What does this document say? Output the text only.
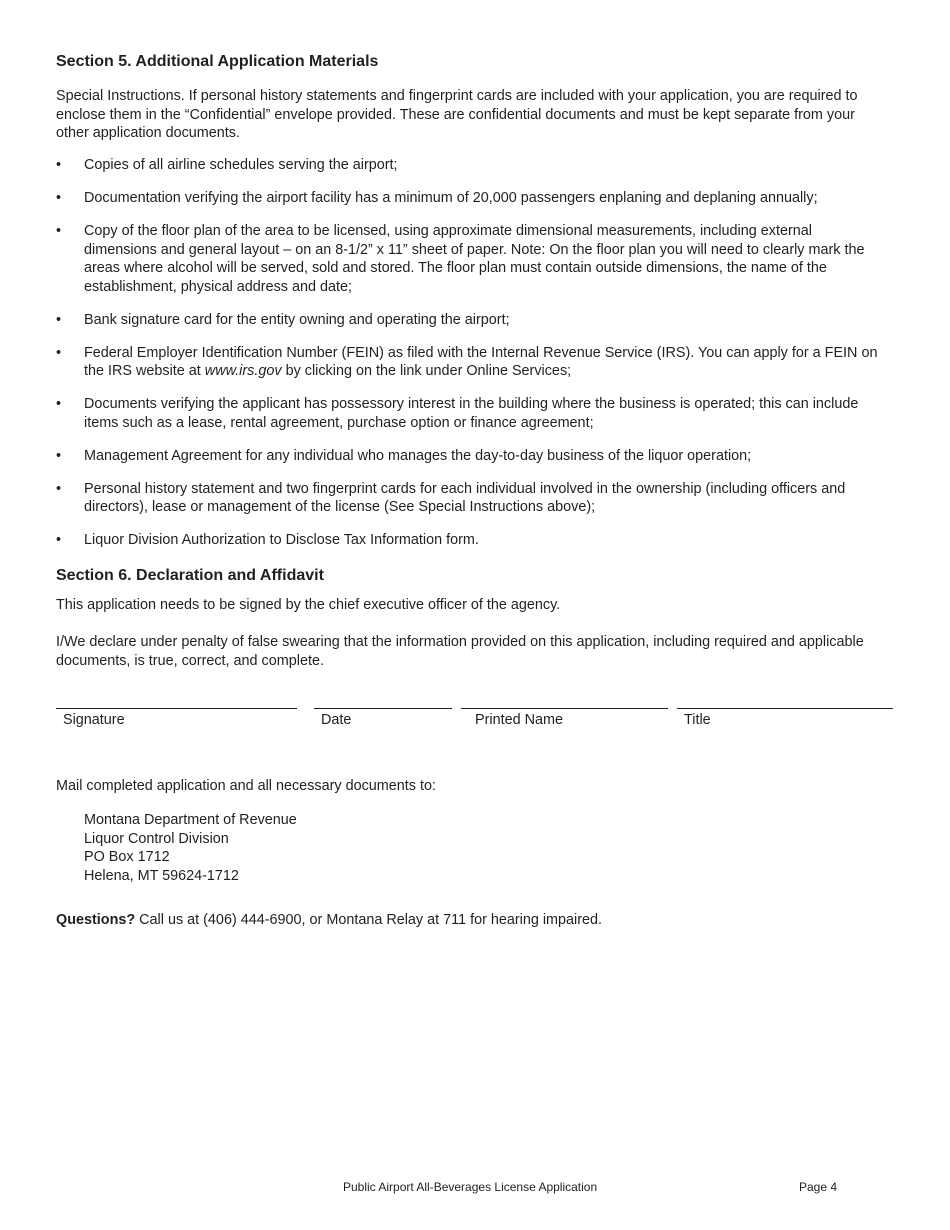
Section 5. Additional Application Materials

Special Instructions. If personal history statements and fingerprint cards are included with your application, you are required to enclose them in the “Confidential” envelope provided. These are confidential documents and must be kept separate from your other application documents.

• Copies of all airline schedules serving the airport;
• Documentation verifying the airport facility has a minimum of 20,000 passengers enplaning and deplaning annually;
• Copy of the floor plan of the area to be licensed, using approximate dimensional measurements, including external dimensions and general layout – on an 8-1/2” x 11” sheet of paper. Note: On the floor plan you will need to clearly mark the areas where alcohol will be served, sold and stored. The floor plan must contain outside dimensions, the name of the establishment, physical address and date;
• Bank signature card for the entity owning and operating the airport;
• Federal Employer Identification Number (FEIN) as filed with the Internal Revenue Service (IRS). You can apply for a FEIN on the IRS website at www.irs.gov by clicking on the link under Online Services;
• Documents verifying the applicant has possessory interest in the building where the business is operated; this can include items such as a lease, rental agreement, purchase option or finance agreement;
• Management Agreement for any individual who manages the day-to-day business of the liquor operation;
• Personal history statement and two fingerprint cards for each individual involved in the ownership (including officers and directors), lease or management of the license (See Special Instructions above);
• Liquor Division Authorization to Disclose Tax Information form.
Section 6. Declaration and Affidavit

This application needs to be signed by the chief executive officer of the agency.

I/We declare under penalty of false swearing that the information provided on this application, including required and applicable documents, is true, correct, and complete.

Signature	Date	Printed Name	Title

Mail completed application and all necessary documents to:

Montana Department of Revenue
Liquor Control Division
PO Box 1712
Helena, MT 59624-1712

Questions? Call us at (406) 444-6900, or Montana Relay at 711 for hearing impaired.

Public Airport All-Beverages License Application	Page 4
